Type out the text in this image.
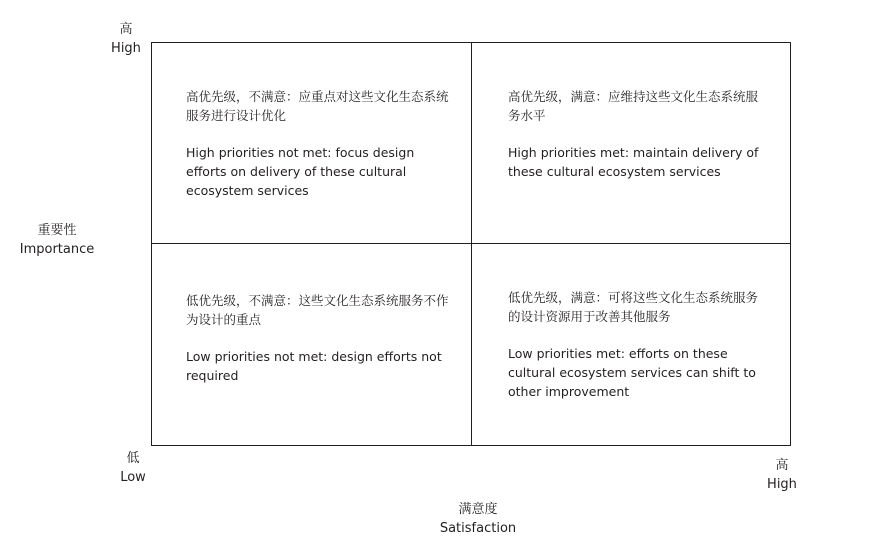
高
High
重要性
Importance
低
Low
高
High
满意度
Satisfaction

高优先级，不满意：应重点对这些文化生态系统服务进行设计优化

High priorities not met: focus design efforts on delivery of these cultural ecosystem services

高优先级，满意：应维持这些文化生态系统服务水平

High priorities met: maintain delivery of these cultural ecosystem services

低优先级，不满意：这些文化生态系统服务不作为设计的重点

Low priorities not met: design efforts not required

低优先级，满意：可将这些文化生态系统服务的设计资源用于改善其他服务

Low priorities met: efforts on these cultural ecosystem services can shift to other improvement
